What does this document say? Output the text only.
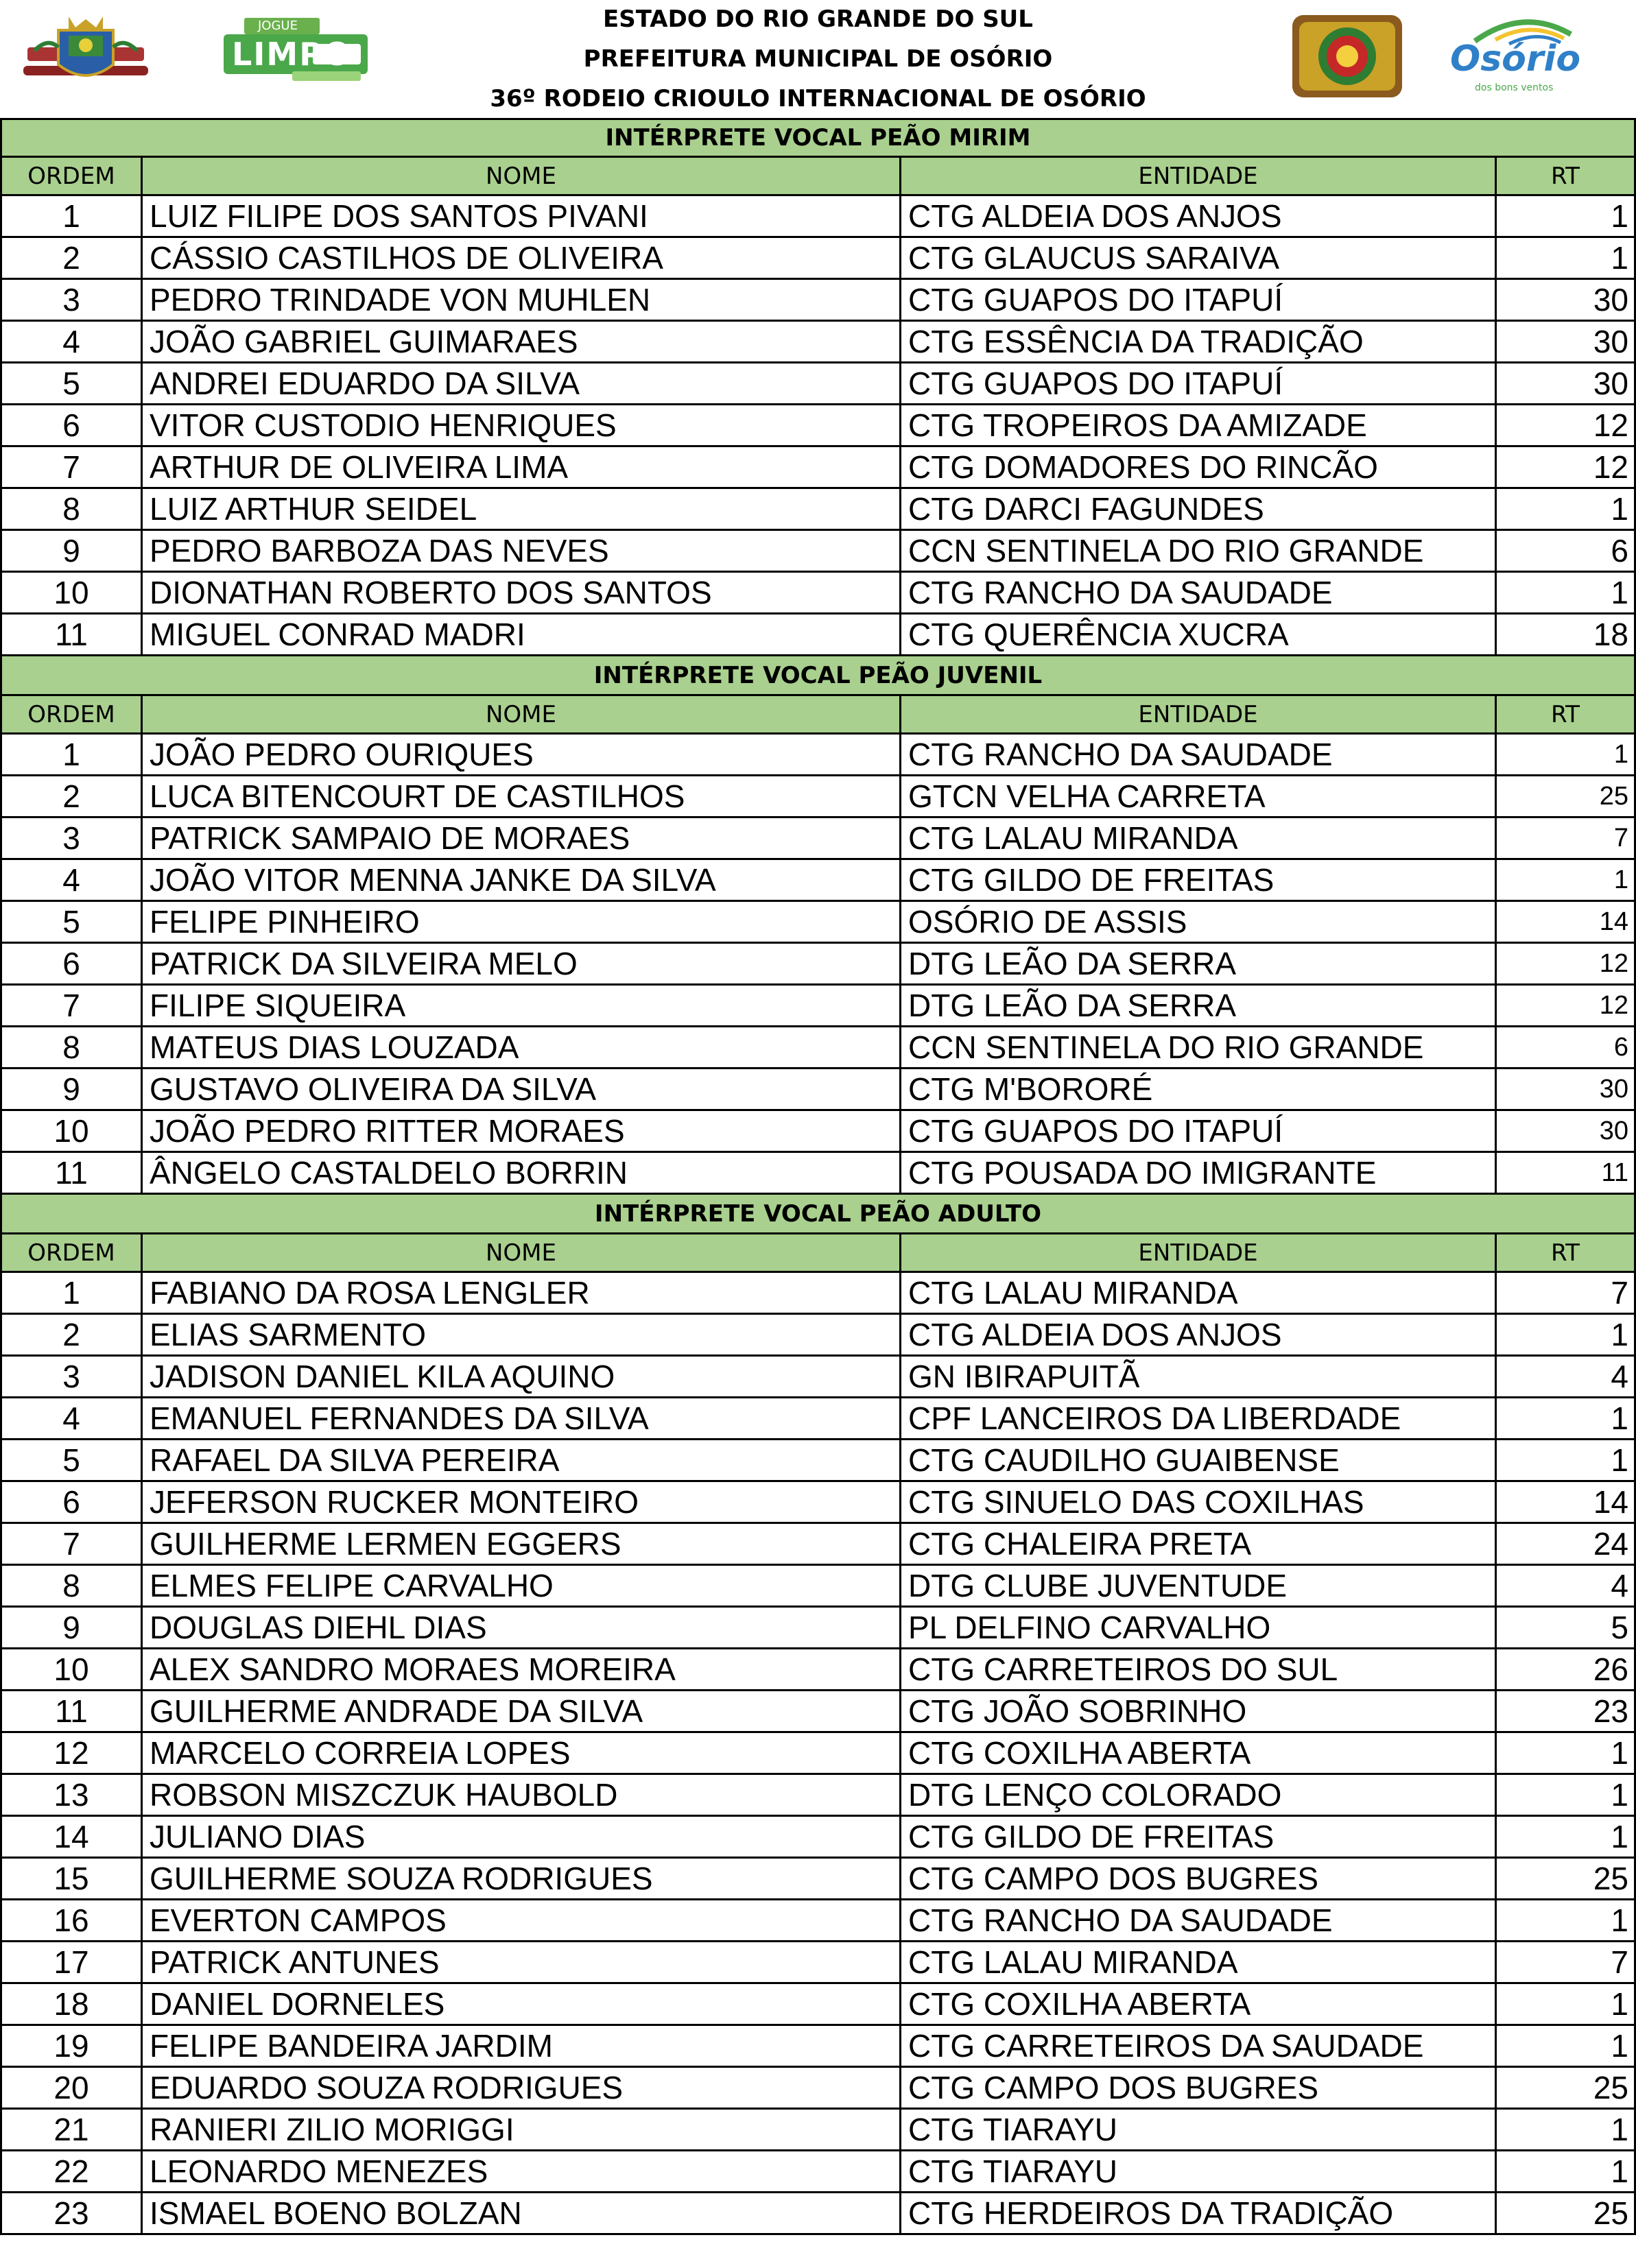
JOGUE
LIMPO
ESTADO DO RIO GRANDE DO SUL
PREFEITURA MUNICIPAL DE OSÓRIO
36º RODEIO CRIOULO INTERNACIONAL DE OSÓRIO
Osório
dos bons ventos
INTÉRPRETE VOCAL PEÃO MIRIM
ORDEM	NOME	ENTIDADE	RT
1	LUIZ FILIPE DOS SANTOS PIVANI	CTG ALDEIA DOS ANJOS	1
2	CÁSSIO CASTILHOS DE OLIVEIRA	CTG GLAUCUS SARAIVA	1
3	PEDRO TRINDADE VON MUHLEN	CTG GUAPOS DO ITAPUÍ	30
4	JOÃO GABRIEL GUIMARAES	CTG ESSÊNCIA DA TRADIÇÃO	30
5	ANDREI EDUARDO DA SILVA	CTG GUAPOS DO ITAPUÍ	30
6	VITOR CUSTODIO HENRIQUES	CTG TROPEIROS DA AMIZADE	12
7	ARTHUR DE OLIVEIRA LIMA	CTG DOMADORES DO RINCÃO	12
8	LUIZ ARTHUR SEIDEL	CTG DARCI FAGUNDES	1
9	PEDRO BARBOZA DAS NEVES	CCN SENTINELA DO RIO GRANDE	6
10	DIONATHAN ROBERTO DOS SANTOS	CTG RANCHO DA SAUDADE	1
11	MIGUEL CONRAD MADRI	CTG QUERÊNCIA XUCRA	18
INTÉRPRETE VOCAL PEÃO JUVENIL
ORDEM	NOME	ENTIDADE	RT
1	JOÃO PEDRO OURIQUES	CTG RANCHO DA SAUDADE	1
2	LUCA BITENCOURT DE CASTILHOS	GTCN VELHA CARRETA	25
3	PATRICK SAMPAIO DE MORAES	CTG LALAU MIRANDA	7
4	JOÃO VITOR MENNA JANKE DA SILVA	CTG GILDO DE FREITAS	1
5	FELIPE PINHEIRO	OSÓRIO DE ASSIS	14
6	PATRICK DA SILVEIRA MELO	DTG LEÃO DA SERRA	12
7	FILIPE SIQUEIRA	DTG LEÃO DA SERRA	12
8	MATEUS DIAS LOUZADA	CCN SENTINELA DO RIO GRANDE	6
9	GUSTAVO OLIVEIRA DA SILVA	CTG M'BORORÉ	30
10	JOÃO PEDRO RITTER MORAES	CTG GUAPOS DO ITAPUÍ	30
11	ÂNGELO CASTALDELO BORRIN	CTG POUSADA DO IMIGRANTE	11
INTÉRPRETE VOCAL PEÃO ADULTO
ORDEM	NOME	ENTIDADE	RT
1	FABIANO DA ROSA LENGLER	CTG LALAU MIRANDA	7
2	ELIAS SARMENTO	CTG ALDEIA DOS ANJOS	1
3	JADISON DANIEL KILA AQUINO	GN IBIRAPUITÃ	4
4	EMANUEL FERNANDES DA SILVA	CPF LANCEIROS DA LIBERDADE	1
5	RAFAEL DA SILVA PEREIRA	CTG CAUDILHO GUAIBENSE	1
6	JEFERSON RUCKER MONTEIRO	CTG SINUELO DAS COXILHAS	14
7	GUILHERME LERMEN EGGERS	CTG CHALEIRA PRETA	24
8	ELMES FELIPE CARVALHO	DTG CLUBE JUVENTUDE	4
9	DOUGLAS DIEHL DIAS	PL DELFINO CARVALHO	5
10	ALEX SANDRO MORAES MOREIRA	CTG CARRETEIROS DO SUL	26
11	GUILHERME ANDRADE DA SILVA	CTG JOÃO SOBRINHO	23
12	MARCELO CORREIA LOPES	CTG COXILHA ABERTA	1
13	ROBSON MISZCZUK HAUBOLD	DTG LENÇO COLORADO	1
14	JULIANO DIAS	CTG GILDO DE FREITAS	1
15	GUILHERME SOUZA RODRIGUES	CTG CAMPO DOS BUGRES	25
16	EVERTON CAMPOS	CTG RANCHO DA SAUDADE	1
17	PATRICK ANTUNES	CTG LALAU MIRANDA	7
18	DANIEL DORNELES	CTG COXILHA ABERTA	1
19	FELIPE BANDEIRA JARDIM	CTG CARRETEIROS DA SAUDADE	1
20	EDUARDO SOUZA RODRIGUES	CTG CAMPO DOS BUGRES	25
21	RANIERI ZILIO MORIGGI	CTG TIARAYU	1
22	LEONARDO MENEZES	CTG TIARAYU	1
23	ISMAEL BOENO BOLZAN	CTG HERDEIROS DA TRADIÇÃO	25
